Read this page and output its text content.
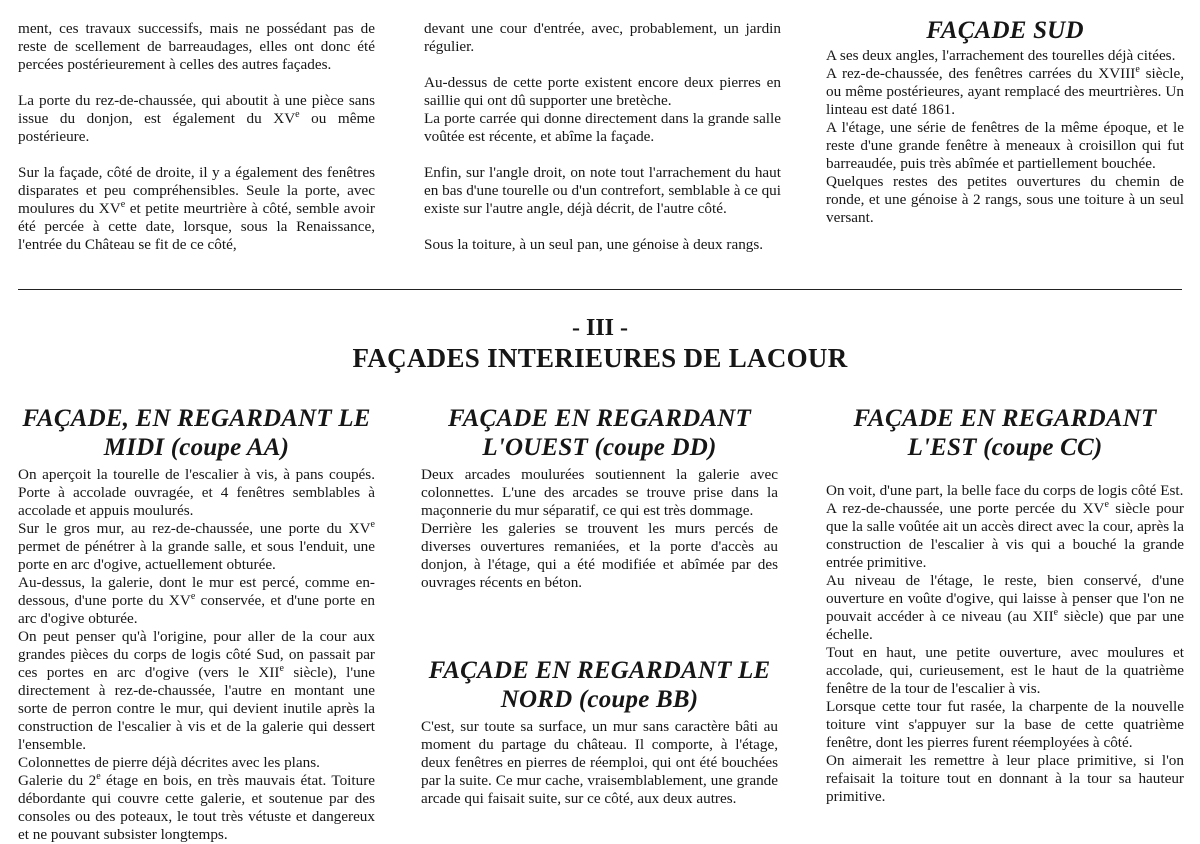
ment, ces travaux successifs, mais ne possédant pas de reste de scellement de barreaudages, elles ont donc été percées postérieurement à celles des autres façades.

La porte du rez-de-chaussée, qui aboutit à une pièce sans issue du donjon, est également du XVe ou même postérieure.

Sur la façade, côté de droite, il y a également des fenêtres disparates et peu compréhensibles. Seule la porte, avec moulures du XVe et petite meurtrière à côté, semble avoir été percée à cette date, lorsque, sous la Renaissance, l'entrée du Château se fit de ce côté,

devant une cour d'entrée, avec, probablement, un jardin régulier.

Au-dessus de cette porte existent encore deux pierres en saillie qui ont dû supporter une bretèche.

La porte carrée qui donne directement dans la grande salle voûtée est récente, et abîme la façade.

Enfin, sur l'angle droit, on note tout l'arrachement du haut en bas d'une tourelle ou d'un contrefort, semblable à ce qui existe sur l'autre angle, déjà décrit, de l'autre côté.

Sous la toiture, à un seul pan, une génoise à deux rangs.

FAÇADE SUD

A ses deux angles, l'arrachement des tourelles déjà citées.

A rez-de-chaussée, des fenêtres carrées du XVIIIe siècle, ou même postérieures, ayant remplacé des meurtrières. Un linteau est daté 1861.

A l'étage, une série de fenêtres de la même époque, et le reste d'une grande fenêtre à meneaux à croisillon qui fut barreaudée, puis très abîmée et partiellement bouchée.

Quelques restes des petites ouvertures du chemin de ronde, et une génoise à 2 rangs, sous une toiture à un seul versant.

- III -
FAÇADES INTERIEURES DE LACOUR
FAÇADE, EN REGARDANT LE
MIDI (coupe AA)

On aperçoit la tourelle de l'escalier à vis, à pans coupés. Porte à accolade ouvragée, et 4 fenêtres semblables à accolade et appuis moulurés.

Sur le gros mur, au rez-de-chaussée, une porte du XVe permet de pénétrer à la grande salle, et sous l'enduit, une porte en arc d'ogive, actuellement obturée.

Au-dessus, la galerie, dont le mur est percé, comme en-dessous, d'une porte du XVe conservée, et d'une porte en arc d'ogive obturée.

On peut penser qu'à l'origine, pour aller de la cour aux grandes pièces du corps de logis côté Sud, on passait par ces portes en arc d'ogive (vers le XIIe siècle), l'une directement à rez-de-chaussée, l'autre en montant une sorte de perron contre le mur, qui devient inutile après la construction de l'escalier à vis et de la galerie qui dessert l'ensemble.

Colonnettes de pierre déjà décrites avec les plans.

Galerie du 2e étage en bois, en très mauvais état. Toiture débordante qui couvre cette galerie, et soutenue par des consoles ou des poteaux, le tout très vétuste et dangereux et ne pouvant subsister longtemps.

FAÇADE EN REGARDANT
L'OUEST (coupe DD)

Deux arcades moulurées soutiennent la galerie avec colonnettes. L'une des arcades se trouve prise dans la maçonnerie du mur séparatif, ce qui est très dommage.

Derrière les galeries se trouvent les murs percés de diverses ouvertures remaniées, et la porte d'accès au donjon, à l'étage, qui a été modifiée et abîmée par des ouvrages récents en béton.

FAÇADE EN REGARDANT LE
NORD (coupe BB)

C'est, sur toute sa surface, un mur sans caractère bâti au moment du partage du château. Il comporte, à l'étage, deux fenêtres en pierres de réemploi, qui ont été bouchées par la suite. Ce mur cache, vraisemblablement, une grande arcade qui faisait suite, sur ce côté, aux deux autres.

FAÇADE EN REGARDANT
L'EST (coupe CC)

On voit, d'une part, la belle face du corps de logis côté Est.

A rez-de-chaussée, une porte percée du XVe siècle pour que la salle voûtée ait un accès direct avec la cour, après la construction de l'escalier à vis qui a bouché la grande entrée primitive.

Au niveau de l'étage, le reste, bien conservé, d'une ouverture en voûte d'ogive, qui laisse à penser que l'on ne pouvait accéder à ce niveau (au XIIe siècle) que par une échelle.

Tout en haut, une petite ouverture, avec moulures et accolade, qui, curieusement, est le haut de la quatrième fenêtre de la tour de l'escalier à vis.

Lorsque cette tour fut rasée, la charpente de la nouvelle toiture vint s'appuyer sur la base de cette quatrième fenêtre, dont les pierres furent réemployées à côté.

On aimerait les remettre à leur place primitive, si l'on refaisait la toiture tout en donnant à la tour sa hauteur primitive.
